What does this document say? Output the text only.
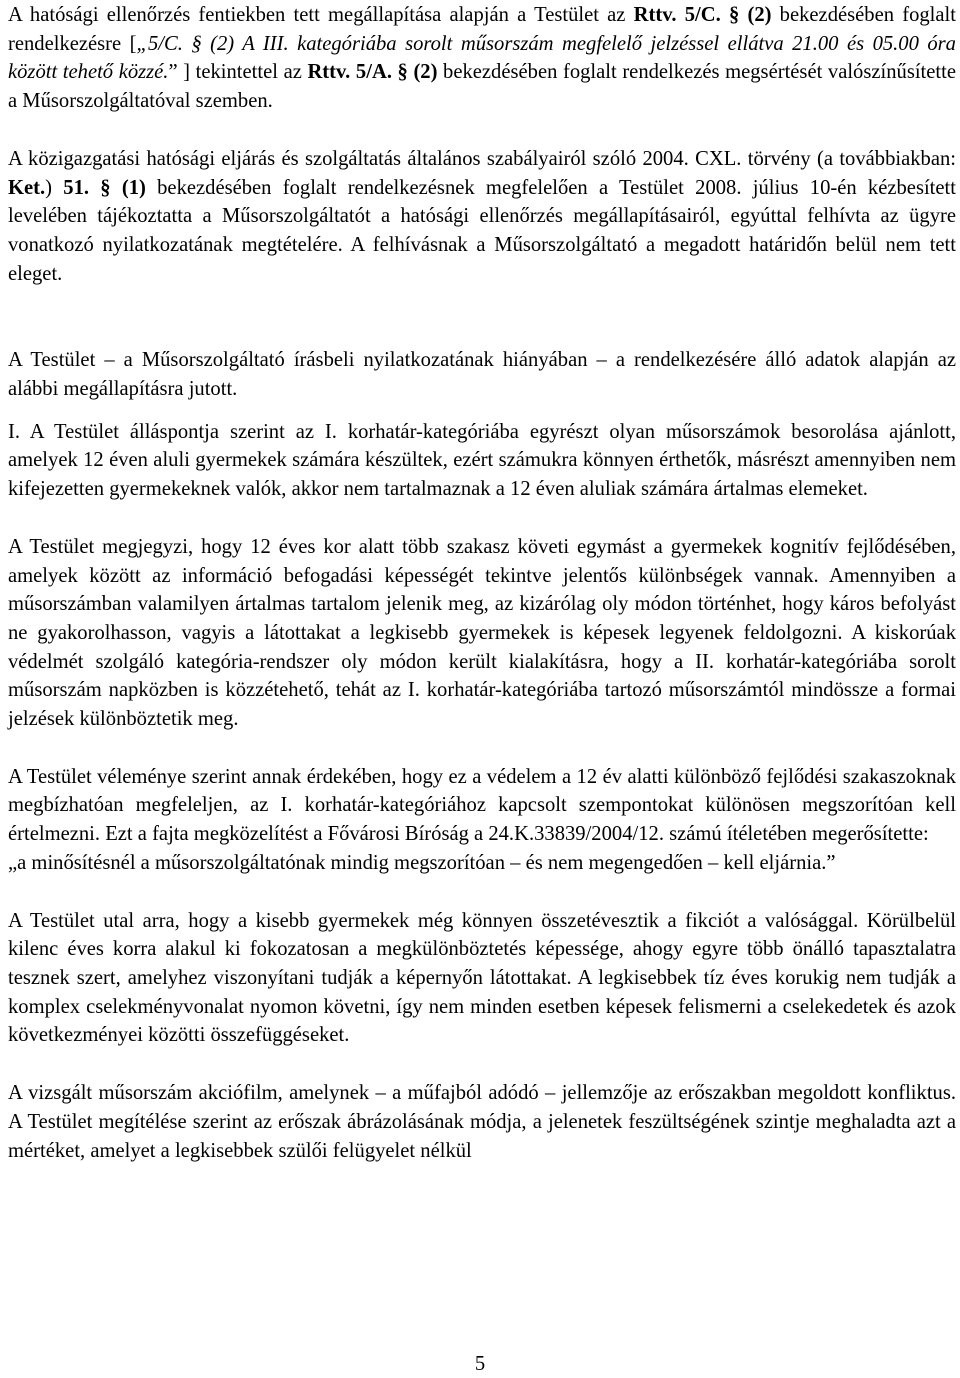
A hatósági ellenőrzés fentiekben tett megállapítása alapján a Testület az Rttv. 5/C. § (2) bekezdésében foglalt rendelkezésre [„5/C. § (2) A III. kategóriába sorolt műsorszám megfelelő jelzéssel ellátva 21.00 és 05.00 óra között tehető közzé.” ] tekintettel az Rttv. 5/A. § (2) bekezdésében foglalt rendelkezés megsértését valószínűsítette a Műsorszolgáltatóval szemben.

A közigazgatási hatósági eljárás és szolgáltatás általános szabályairól szóló 2004. CXL. törvény (a továbbiakban: Ket.) 51. § (1) bekezdésében foglalt rendelkezésnek megfelelően a Testület 2008. július 10-én kézbesített levelében tájékoztatta a Műsorszolgáltatót a hatósági ellenőrzés megállapításairól, egyúttal felhívta az ügyre vonatkozó nyilatkozatának megtételére. A felhívásnak a Műsorszolgáltató a megadott határidőn belül nem tett eleget.

A Testület – a Műsorszolgáltató írásbeli nyilatkozatának hiányában – a rendelkezésére álló adatok alapján az alábbi megállapításra jutott.

I. A Testület álláspontja szerint az I. korhatár-kategóriába egyrészt olyan műsorszámok besorolása ajánlott, amelyek 12 éven aluli gyermekek számára készültek, ezért számukra könnyen érthetők, másrészt amennyiben nem kifejezetten gyermekeknek valók, akkor nem tartalmaznak a 12 éven aluliak számára ártalmas elemeket.

A Testület megjegyzi, hogy 12 éves kor alatt több szakasz követi egymást a gyermekek kognitív fejlődésében, amelyek között az információ befogadási képességét tekintve jelentős különbségek vannak. Amennyiben a műsorszámban valamilyen ártalmas tartalom jelenik meg, az kizárólag oly módon történhet, hogy káros befolyást ne gyakorolhasson, vagyis a látottakat a legkisebb gyermekek is képesek legyenek feldolgozni. A kiskorúak védelmét szolgáló kategória-rendszer oly módon került kialakításra, hogy a II. korhatár-kategóriába sorolt műsorszám napközben is közzétehető, tehát az I. korhatár-kategóriába tartozó műsorszámtól mindössze a formai jelzések különböztetik meg.

A Testület véleménye szerint annak érdekében, hogy ez a védelem a 12 év alatti különböző fejlődési szakaszoknak megbízhatóan megfeleljen, az I. korhatár-kategóriához kapcsolt szempontokat különösen megszorítóan kell értelmezni. Ezt a fajta megközelítést a Fővárosi Bíróság a 24.K.33839/2004/12. számú ítéletében megerősítette:

„a minősítésnél a műsorszolgáltatónak mindig megszorítóan – és nem megengedően – kell eljárnia.”

A Testület utal arra, hogy a kisebb gyermekek még könnyen összetévesztik a fikciót a valósággal. Körülbelül kilenc éves korra alakul ki fokozatosan a megkülönböztetés képessége, ahogy egyre több önálló tapasztalatra tesznek szert, amelyhez viszonyítani tudják a képernyőn látottakat. A legkisebbek tíz éves korukig nem tudják a komplex cselekményvonalat nyomon követni, így nem minden esetben képesek felismerni a cselekedetek és azok következményei közötti összefüggéseket.

A vizsgált műsorszám akciófilm, amelynek – a műfajból adódó – jellemzője az erőszakban megoldott konfliktus. A Testület megítélése szerint az erőszak ábrázolásának módja, a jelenetek feszültségének szintje meghaladta azt a mértéket, amelyet a legkisebbek szülői felügyelet nélkül

5
